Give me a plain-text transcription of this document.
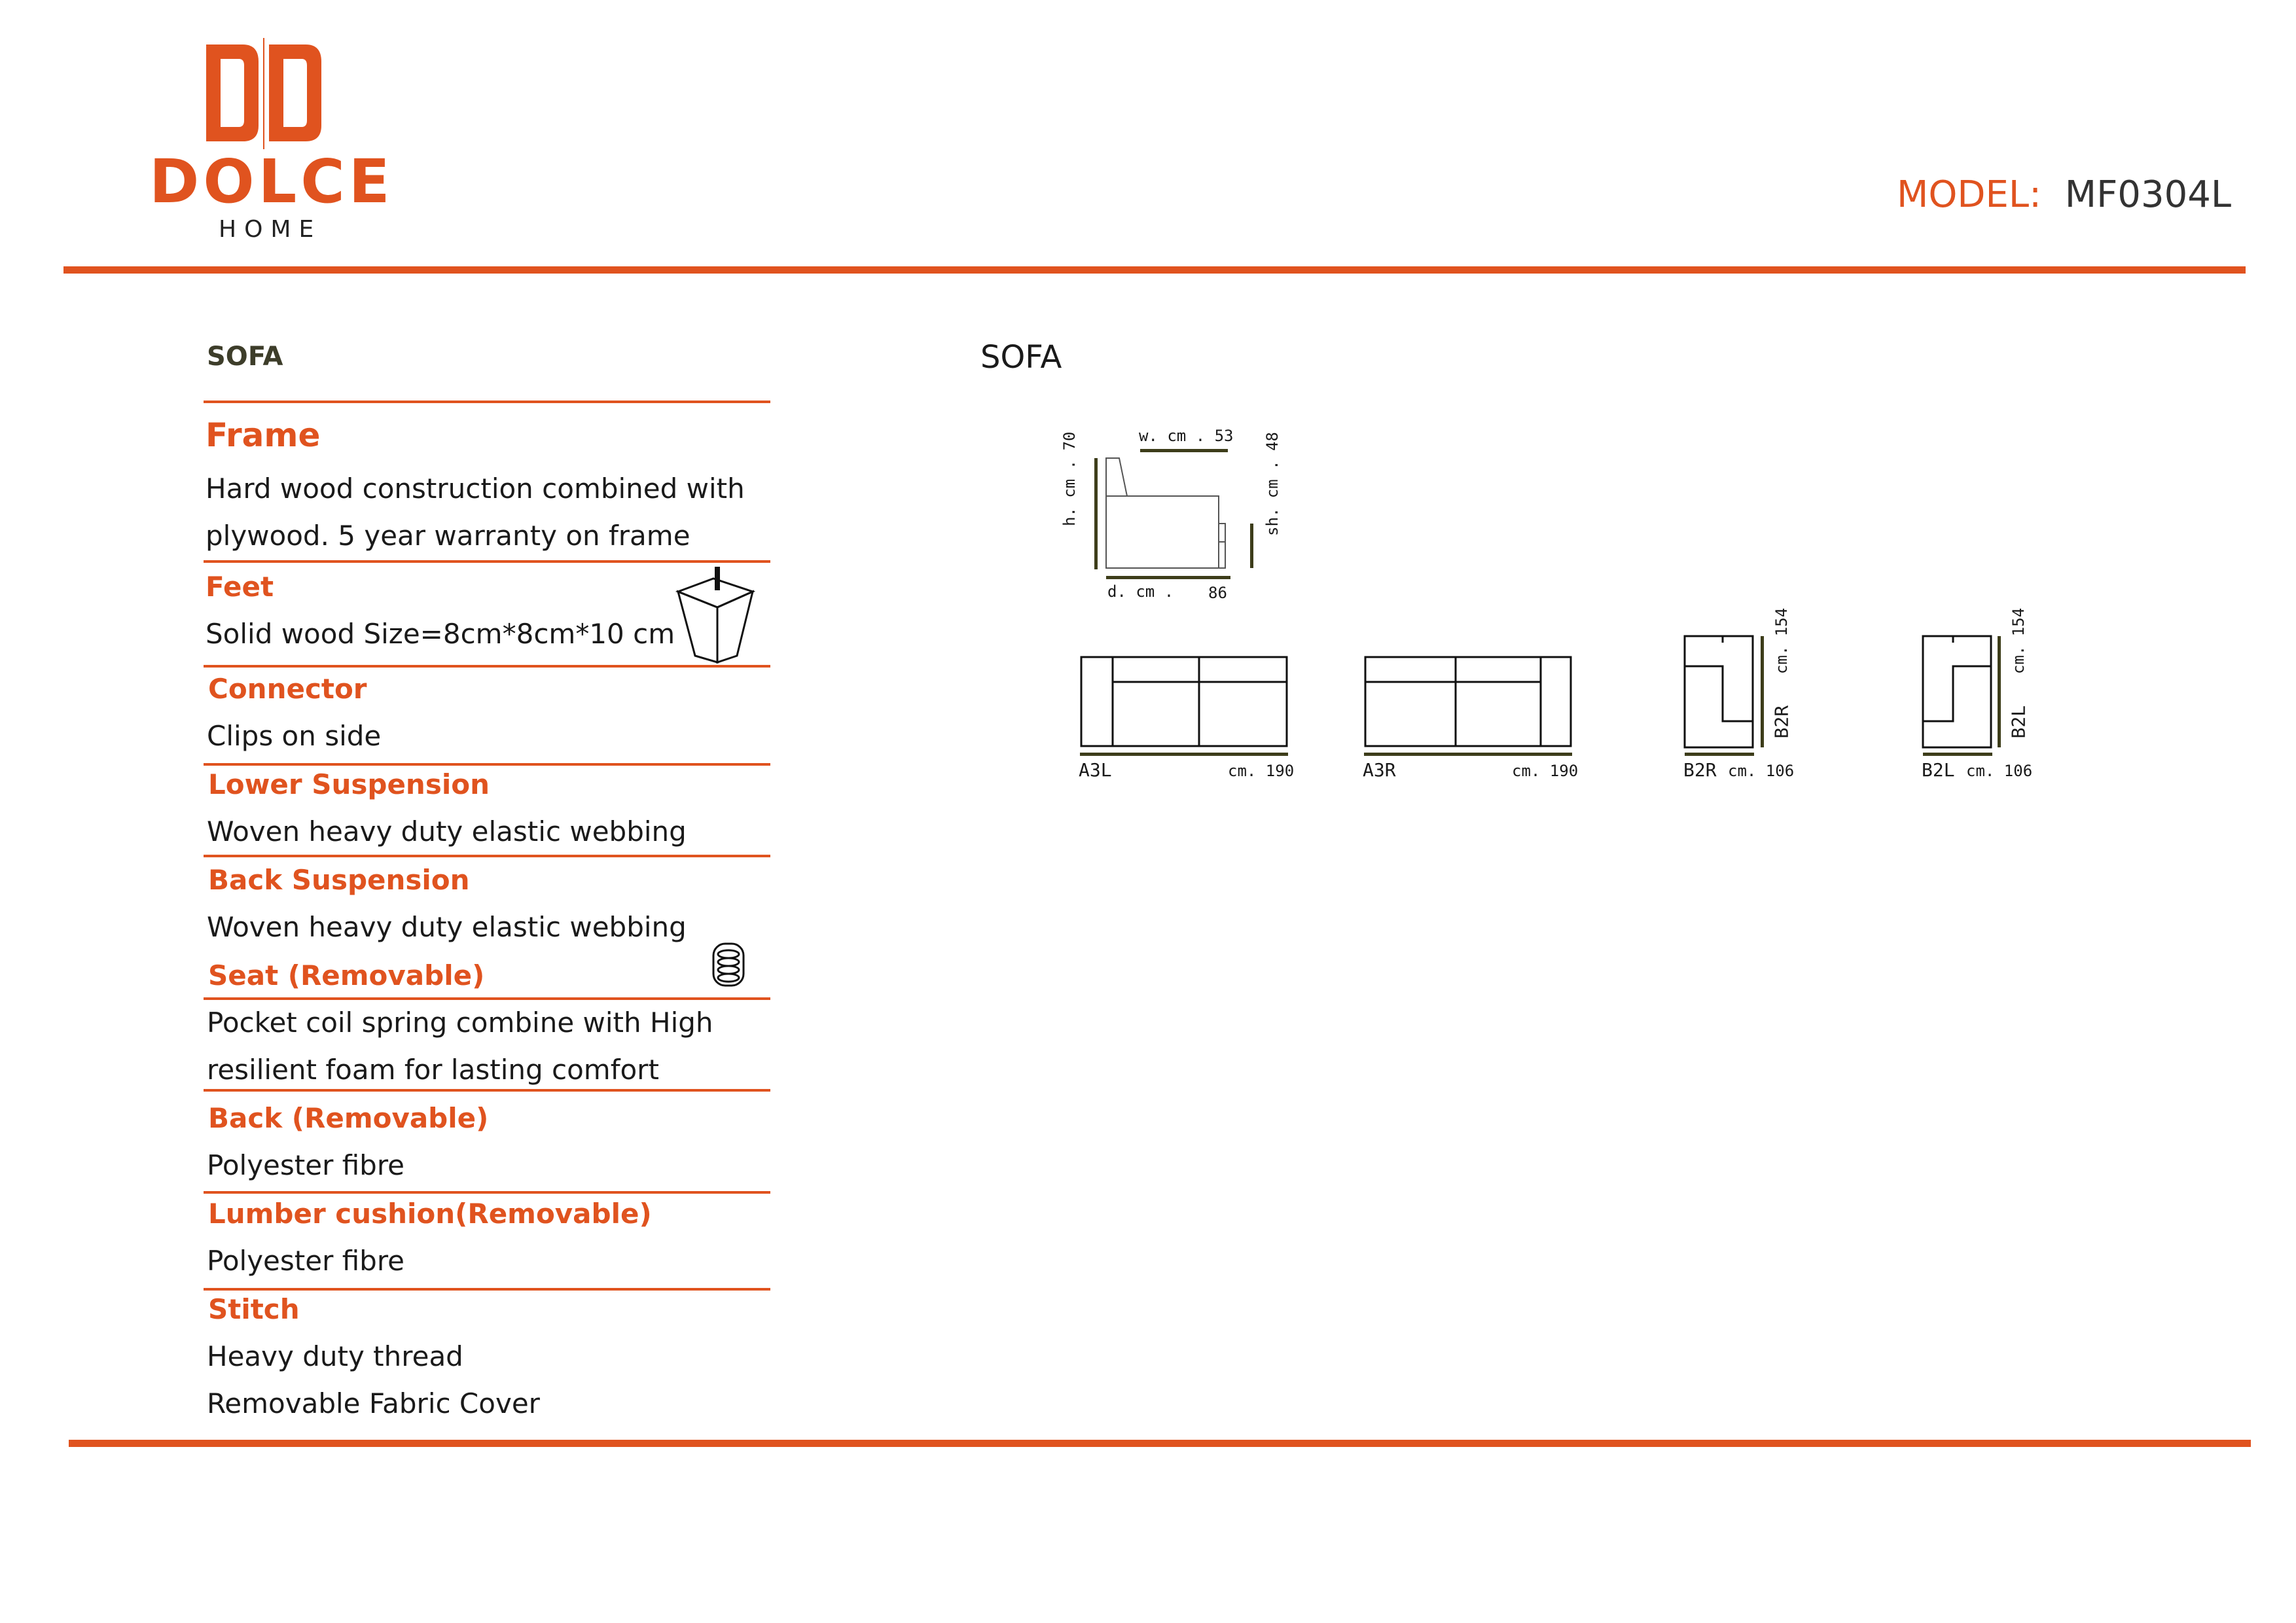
DOLCE
HOME
MODEL: MF0304L
SOFA
Frame
Hard wood construction combined with
plywood. 5 year warranty on frame
Feet
Solid wood Size=8cm*8cm*10 cm
Connector
Clips on side
Lower Suspension
Woven heavy duty elastic webbing
Back Suspension
Woven heavy duty elastic webbing
Seat (Removable)
Pocket coil spring combine with High
resilient foam for lasting comfort
Back (Removable)
Polyester fibre
Lumber cushion(Removable)
Polyester fibre
Stitch
Heavy duty thread
Removable Fabric Cover
SOFA
w. cm . 53
h. cm . 70	sh. cm . 48
d. cm . 86
A3L	cm. 190	A3R	cm. 190
cm. 154
B2R
B2R cm. 106
cm. 154
B2L
B2L cm. 106
